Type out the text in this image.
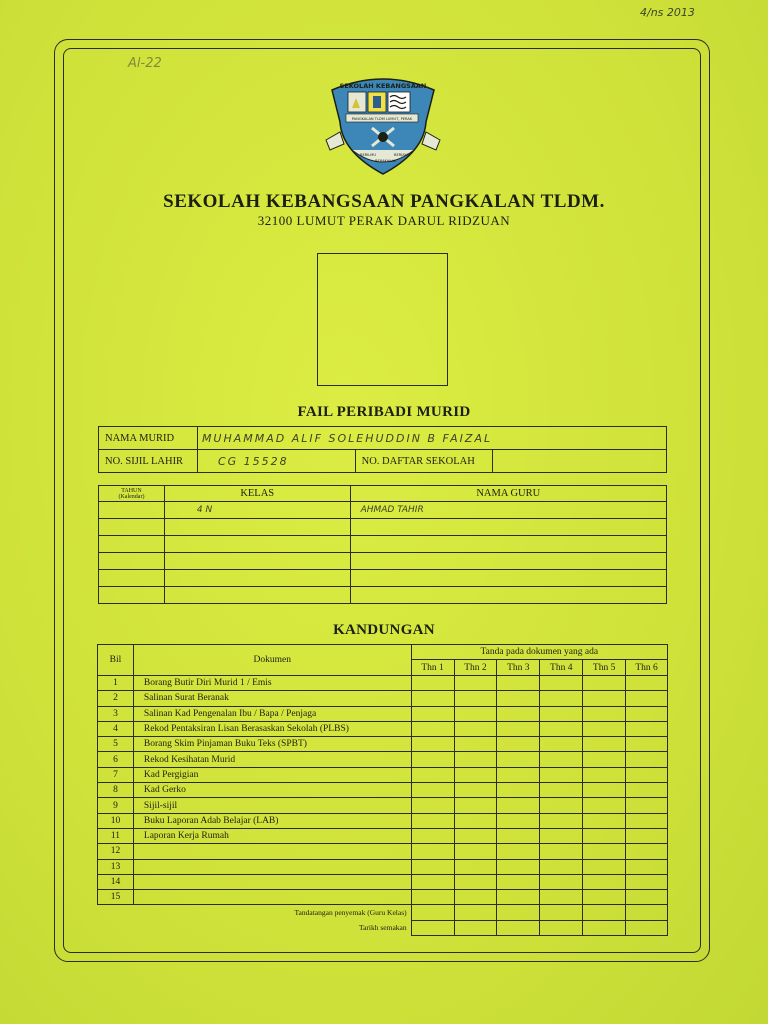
4/ns 2013
Al-22
SEKOLAH KEBANGSAAN
PANGKALAN TLDM LUMUT, PERAK
BERILMU
BERAKHLAK
BERJAYA
SEKOLAH KEBANGSAAN PANGKALAN TLDM.
32100 LUMUT PERAK DARUL RIDZUAN
FAIL PERIBADI MURID
NAMA MURID	MUHAMMAD ALIF SOLEHUDDIN B FAIZAL		
NO. SIJIL LAHIR	CG 15528	NO. DAFTAR SEKOLAH	
TAHUN
(Kalendar)	KELAS	NAMA GURU
	4 N	AHMAD TAHIR

KANDUNGAN
Bil	Dokumen	Tanda pada dokumen yang ada					
		Thn 1	Thn 2	Thn 3	Thn 4	Thn 5	Thn 6
1	Borang Butir Diri Murid 1 / Emis						
2	Salinan Surat Beranak						
3	Salinan Kad Pengenalan Ibu / Bapa / Penjaga						
4	Rekod Pentaksiran Lisan Berasaskan Sekolah (PLBS)						
5	Borang Skim Pinjaman Buku Teks (SPBT)						
6	Rekod Kesihatan Murid						
7	Kad Pergigian						
8	Kad Gerko						
9	Sijil-sijil						
10	Buku Laporan Adab Belajar (LAB)						
11	Laporan Kerja Rumah						
12							
13							
14							
15							
Tandatangan penyemak (Guru Kelas)							
Tarikh semakan							
